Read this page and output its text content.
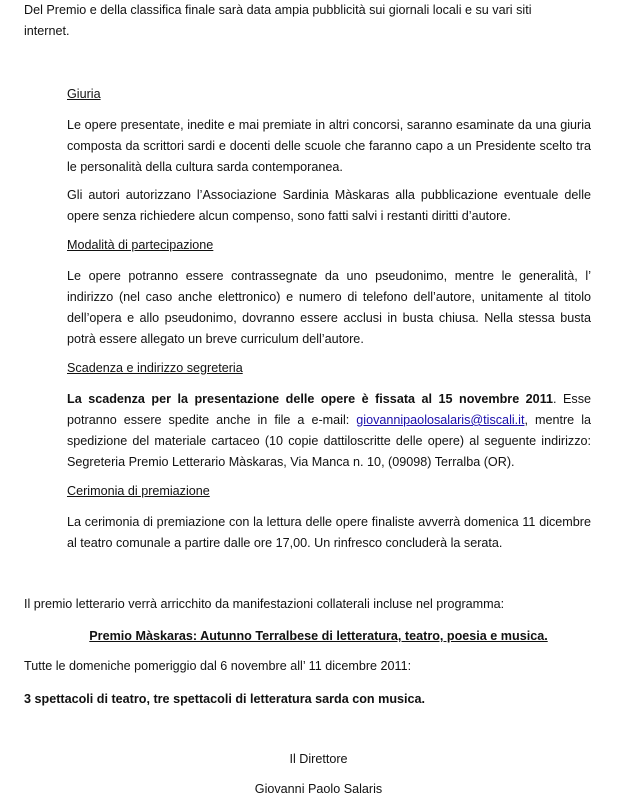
Del Premio e della classifica finale sarà data ampia pubblicità sui giornali locali e su vari siti
internet.

Giuria

Le opere presentate, inedite e mai premiate in altri concorsi, saranno esaminate da una giuria composta da scrittori sardi e docenti delle scuole che faranno capo a un Presidente scelto tra le personalità della cultura sarda contemporanea.

Gli autori autorizzano l’Associazione Sardinia Màskaras alla pubblicazione eventuale delle opere senza richiedere alcun compenso, sono fatti salvi i restanti diritti d’autore.

Modalità di partecipazione

Le opere potranno essere contrassegnate da uno pseudonimo, mentre le generalità, l’ indirizzo (nel caso anche elettronico) e numero di telefono dell’autore, unitamente al titolo dell’opera e allo pseudonimo, dovranno essere acclusi in busta chiusa. Nella stessa busta potrà essere allegato un breve curriculum dell’autore.

Scadenza e indirizzo segreteria

La scadenza per la presentazione delle opere è fissata al 15 novembre 2011. Esse potranno essere spedite anche in file a e-mail: giovannipaolosalaris@tiscali.it, mentre la spedizione del materiale cartaceo (10 copie dattiloscritte delle opere) al seguente indirizzo: Segreteria Premio Letterario Màskaras, Via Manca n. 10, (09098) Terralba (OR).

Cerimonia di premiazione

La cerimonia di premiazione con la lettura delle opere finaliste avverrà domenica 11 dicembre al teatro comunale a partire dalle ore 17,00. Un rinfresco concluderà la serata.

Il premio letterario verrà arricchito da manifestazioni collaterali incluse nel programma:

Premio Màskaras: Autunno Terralbese di letteratura, teatro, poesia e musica.

Tutte le domeniche pomeriggio dal 6 novembre all’ 11 dicembre 2011:

3 spettacoli di teatro, tre spettacoli di letteratura sarda con musica.

Il Direttore

Giovanni Paolo Salaris
